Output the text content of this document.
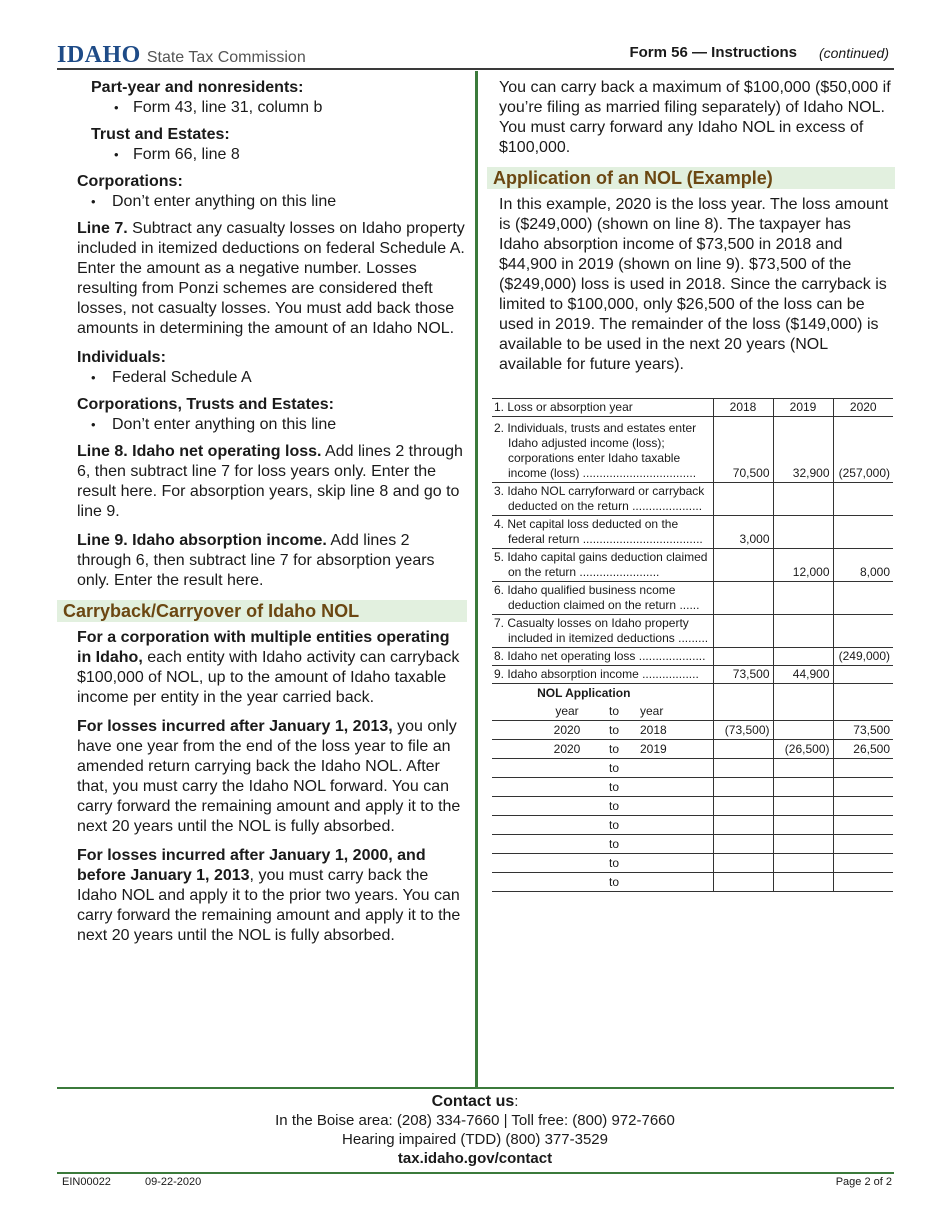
IDAHO State Tax Commission	Form 56 — Instructions (continued)
Part-year and nonresidents:
• Form 43, line 31, column b
Trust and Estates:
• Form 66, line 8
Corporations:
• Don’t enter anything on this line

Line 7. Subtract any casualty losses on Idaho property included in itemized deductions on federal Schedule A. Enter the amount as a negative number. Losses resulting from Ponzi schemes are considered theft losses, not casualty losses. You must add back those amounts in determining the amount of an Idaho NOL.

Individuals:
• Federal Schedule A
Corporations, Trusts and Estates:
• Don’t enter anything on this line

Line 8. Idaho net operating loss. Add lines 2 through 6, then subtract line 7 for loss years only. Enter the result here. For absorption years, skip line 8 and go to line 9.

Line 9. Idaho absorption income. Add lines 2 through 6, then subtract line 7 for absorption years only. Enter the result here.

Carryback/Carryover of Idaho NOL

For a corporation with multiple entities operating in Idaho, each entity with Idaho activity can carryback $100,000 of NOL, up to the amount of Idaho taxable income per entity in the year carried back.

For losses incurred after January 1, 2013, you only have one year from the end of the loss year to file an amended return carrying back the Idaho NOL. After that, you must carry the Idaho NOL forward. You can carry forward the remaining amount and apply it to the next 20 years until the NOL is fully absorbed.

For losses incurred after January 1, 2000, and before January 1, 2013, you must carry back the Idaho NOL and apply it to the prior two years. You can carry forward the remaining amount and apply it to the next 20 years until the NOL is fully absorbed.

You can carry back a maximum of $100,000 ($50,000 if you’re filing as married filing separately) of Idaho NOL. You must carry forward any Idaho NOL in excess of $100,000.

Application of an NOL (Example)

In this example, 2020 is the loss year. The loss amount is ($249,000) (shown on line 8). The taxpayer has Idaho absorption income of $73,500 in 2018 and $44,900 in 2019 (shown on line 9). $73,500 of the ($249,000) loss is used in 2018. Since the carryback is limited to $100,000, only $26,500 of the loss can be used in 2019. The remainder of the loss ($149,000) is available to be used in the next 20 years (NOL available for future years).

1. Loss or absorption year	2018	2019	2020
2. Individuals, trusts and estates enter Idaho adjusted income (loss); corporations enter Idaho taxable income (loss) ..................................	70,500	32,900	(257,000)
3. Idaho NOL carryforward or carryback deducted on the return .....................			
4. Net capital loss deducted on the federal return ....................................	3,000		
5. Idaho capital gains deduction claimed on the return ........................		12,000	8,000
6. Idaho qualified business ncome deduction claimed on the return ......			
7. Casualty losses on Idaho property included in itemized deductions .........			
8. Idaho net operating loss ....................			(249,000)
9. Idaho absorption income .................	73,500	44,900	
NOL Application			
year to year			
2020 to 2018	(73,500)		73,500
2020 to 2019		(26,500)	26,500
to			
to			
to			
to			
to			
to			
to			
Contact us:
In the Boise area: (208) 334-7660 | Toll free: (800) 972-7660
Hearing impaired (TDD) (800) 377-3529
tax.idaho.gov/contact
EIN00022	09-22-2020	Page 2 of 2
